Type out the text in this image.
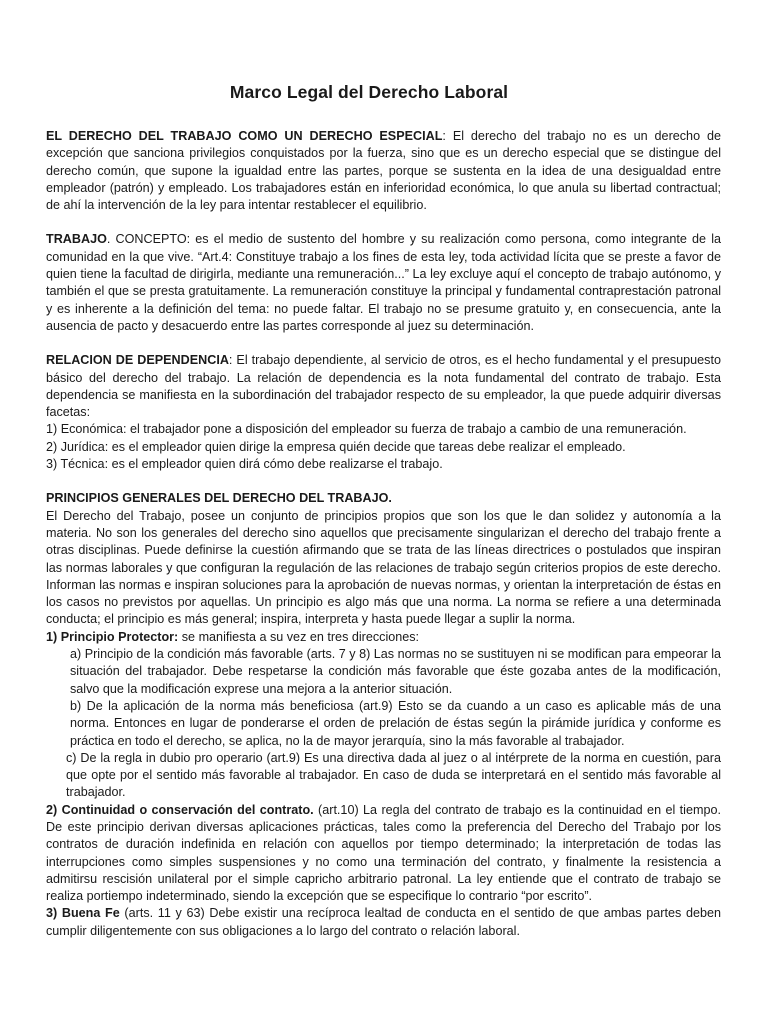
Marco Legal del Derecho Laboral

EL DERECHO DEL TRABAJO COMO UN DERECHO ESPECIAL: El derecho del trabajo no es un derecho de excepción que sanciona privilegios conquistados por la fuerza, sino que es un derecho especial que se distingue del derecho común, que supone la igualdad entre las partes, porque se sustenta en la idea de una desigualdad entre empleador (patrón) y empleado. Los trabajadores están en inferioridad económica, lo que anula su libertad contractual; de ahí la intervención de la ley para intentar restablecer el equilibrio.

TRABAJO. CONCEPTO: es el medio de sustento del hombre y su realización como persona, como integrante de la comunidad en la que vive. “Art.4: Constituye trabajo a los fines de esta ley, toda actividad lícita que se preste a favor de quien tiene la facultad de dirigirla, mediante una remuneración...” La ley excluye aquí el concepto de trabajo autónomo, y también el que se presta gratuitamente. La remuneración constituye la principal y fundamental contraprestación patronal y es inherente a la definición del tema: no puede faltar. El trabajo no se presume gratuito y, en consecuencia, ante la ausencia de pacto y desacuerdo entre las partes corresponde al juez su determinación.

RELACION DE DEPENDENCIA: El trabajo dependiente, al servicio de otros, es el hecho fundamental y el presupuesto básico del derecho del trabajo. La relación de dependencia es la nota fundamental del contrato de trabajo. Esta dependencia se manifiesta en la subordinación del trabajador respecto de su empleador, la que puede adquirir diversas facetas:
1) Económica: el trabajador pone a disposición del empleador su fuerza de trabajo a cambio de una remuneración.
2) Jurídica: es el empleador quien dirige la empresa quién decide que tareas debe realizar el empleado.
3) Técnica: es el empleador quien dirá cómo debe realizarse el trabajo.
PRINCIPIOS GENERALES DEL DERECHO DEL TRABAJO.
El Derecho del Trabajo, posee un conjunto de principios propios que son los que le dan solidez y autonomía a la materia. No son los generales del derecho sino aquellos que precisamente singularizan el derecho del trabajo frente a otras disciplinas. Puede definirse la cuestión afirmando que se trata de las líneas directrices o postulados que inspiran las normas laborales y que configuran la regulación de las relaciones de trabajo según criterios propios de este derecho. Informan las normas e inspiran soluciones para la aprobación de nuevas normas, y orientan la interpretación de éstas en los casos no previstos por aquellas. Un principio es algo más que una norma. La norma se refiere a una determinada conducta; el principio es más general; inspira, interpreta y hasta puede llegar a suplir la norma.
1) Principio Protector: se manifiesta a su vez en tres direcciones:
a) Principio de la condición más favorable (arts. 7 y 8) Las normas no se sustituyen ni se modifican para empeorar la situación del trabajador. Debe respetarse la condición más favorable que éste gozaba antes de la modificación, salvo que la modificación exprese una mejora a la anterior situación.
b) De la aplicación de la norma más beneficiosa (art.9) Esto se da cuando a un caso es aplicable más de una norma. Entonces en lugar de ponderarse el orden de prelación de éstas según la pirámide jurídica y conforme es práctica en todo el derecho, se aplica, no la de mayor jerarquía, sino la más favorable al trabajador.
c) De la regla in dubio pro operario (art.9) Es una directiva dada al juez o al intérprete de la norma en cuestión, para que opte por el sentido más favorable al trabajador. En caso de duda se interpretará en el sentido más favorable al trabajador.
2) Continuidad o conservación del contrato. (art.10) La regla del contrato de trabajo es la continuidad en el tiempo. De este principio derivan diversas aplicaciones prácticas, tales como la preferencia del Derecho del Trabajo por los contratos de duración indefinida en relación con aquellos por tiempo determinado; la interpretación de todas las interrupciones como simples suspensiones y no como una terminación del contrato, y finalmente la resistencia a admitirsu rescisión unilateral por el simple capricho arbitrario patronal. La ley entiende que el contrato de trabajo se realiza portiempo indeterminado, siendo la excepción que se especifique lo contrario “por escrito”.
3) Buena Fe (arts. 11 y 63) Debe existir una recíproca lealtad de conducta en el sentido de que ambas partes deben cumplir diligentemente con sus obligaciones a lo largo del contrato o relación laboral.
